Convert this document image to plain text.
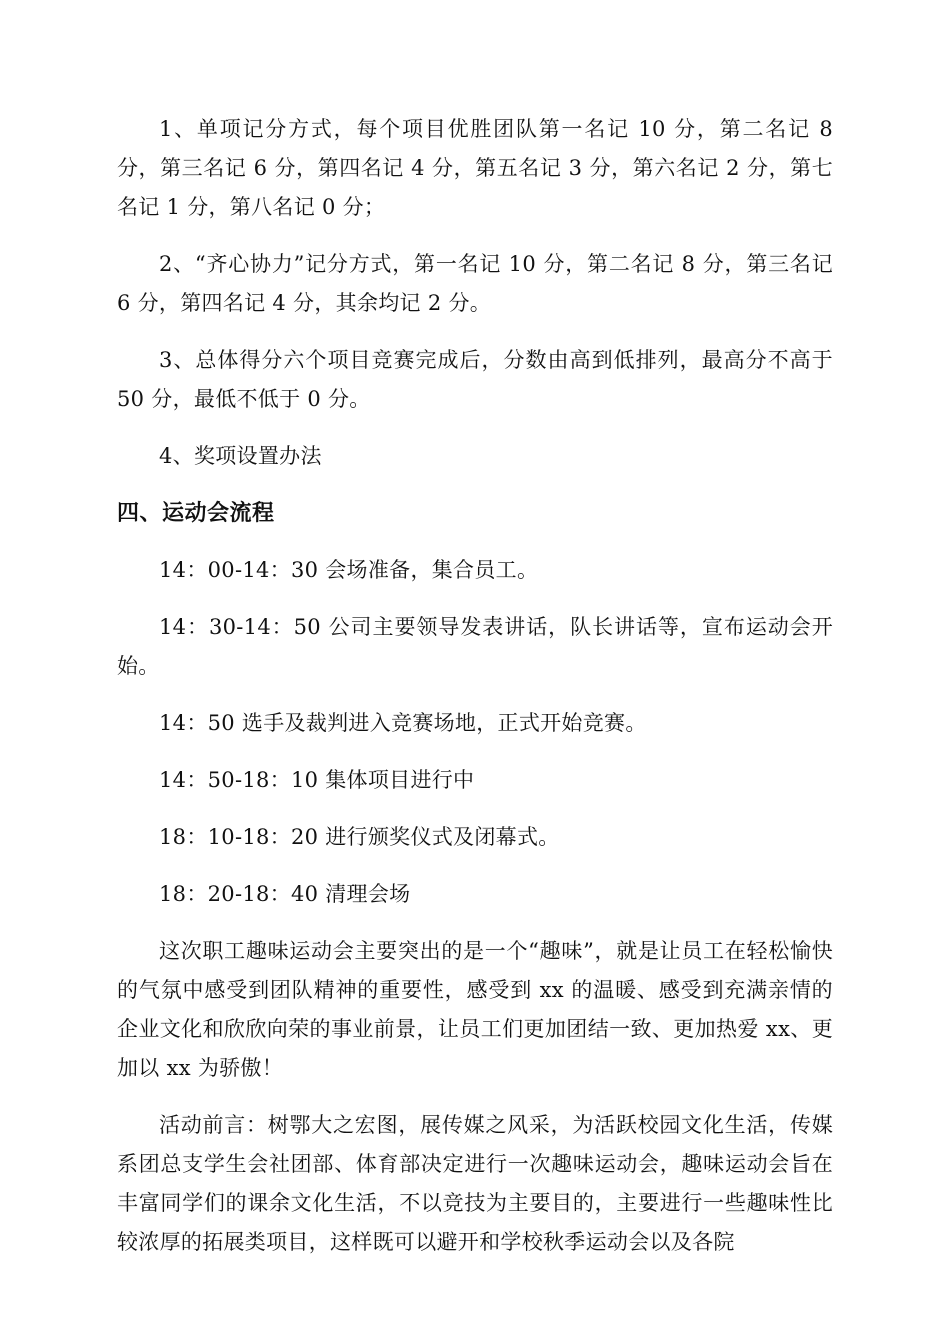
1、单项记分方式，每个项目优胜团队第一名记 10 分，第二名记 8 分，第三名记 6 分，第四名记 4 分，第五名记 3 分，第六名记 2 分，第七名记 1 分，第八名记 0 分；

2、“齐心协力”记分方式，第一名记 10 分，第二名记 8 分，第三名记 6 分，第四名记 4 分，其余均记 2 分。

3、总体得分六个项目竞赛完成后，分数由高到低排列，最高分不高于 50 分，最低不低于 0 分。

4、奖项设置办法

四、运动会流程

14：00-14：30 会场准备，集合员工。

14：30-14：50 公司主要领导发表讲话，队长讲话等，宣布运动会开始。

14：50 选手及裁判进入竞赛场地，正式开始竞赛。

14：50-18：10 集体项目进行中

18：10-18：20 进行颁奖仪式及闭幕式。

18：20-18：40 清理会场

这次职工趣味运动会主要突出的是一个“趣味”，就是让员工在轻松愉快的气氛中感受到团队精神的重要性，感受到 xx 的温暖、感受到充满亲情的企业文化和欣欣向荣的事业前景，让员工们更加团结一致、更加热爱 xx、更加以 xx 为骄傲！

活动前言：树鄂大之宏图，展传媒之风采，为活跃校园文化生活，传媒系团总支学生会社团部、体育部决定进行一次趣味运动会，趣味运动会旨在丰富同学们的课余文化生活，不以竞技为主要目的，主要进行一些趣味性比较浓厚的拓展类项目，这样既可以避开和学校秋季运动会以及各院
